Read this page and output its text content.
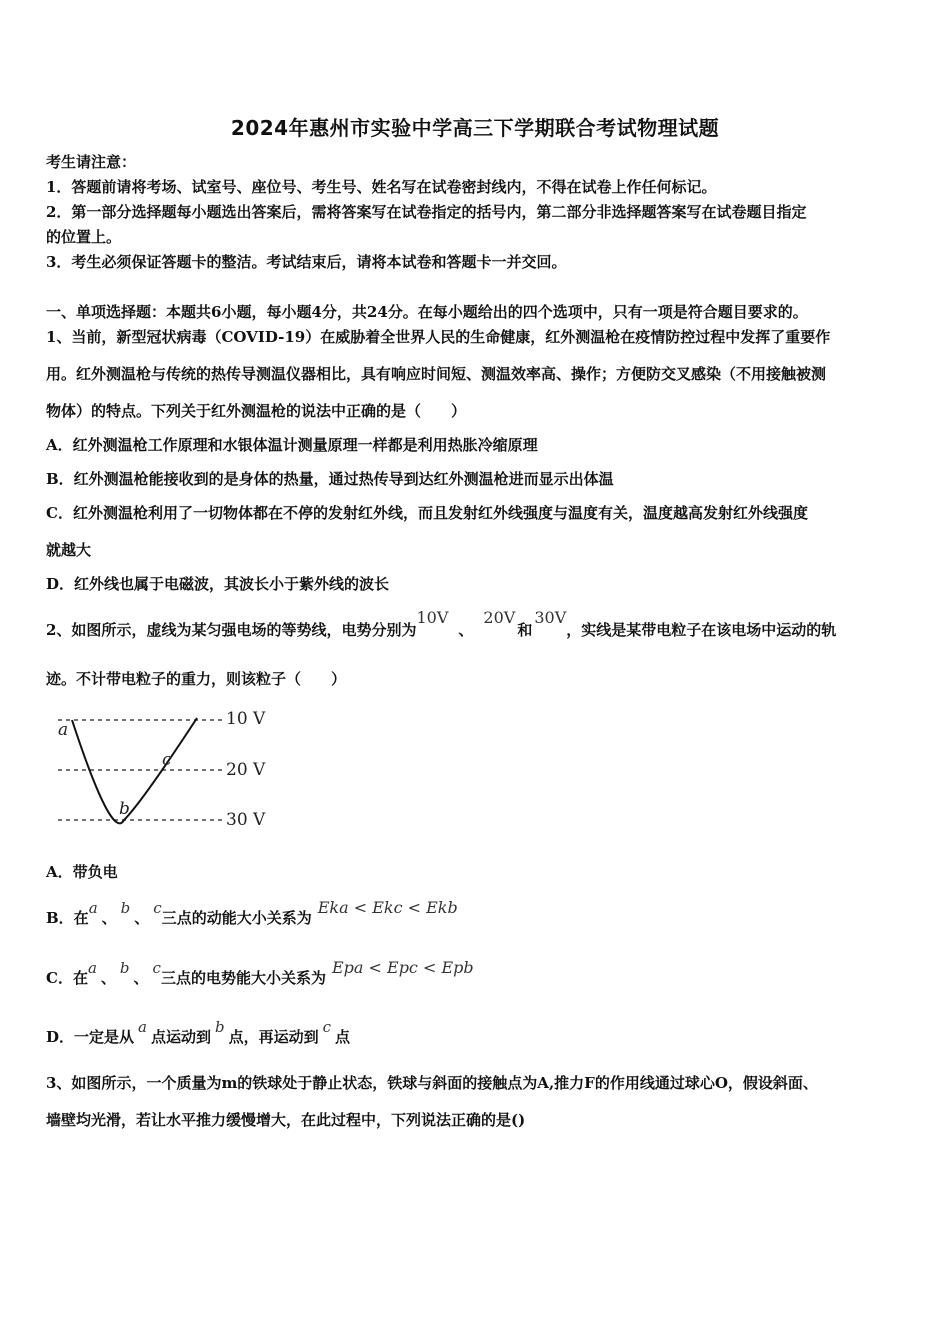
2024年惠州市实验中学高三下学期联合考试物理试题
考生请注意：
1．答题前请将考场、试室号、座位号、考生号、姓名写在试卷密封线内，不得在试卷上作任何标记。
2．第一部分选择题每小题选出答案后，需将答案写在试卷指定的括号内，第二部分非选择题答案写在试卷题目指定
的位置上。
3．考生必须保证答题卡的整洁。考试结束后，请将本试卷和答题卡一并交回。
一、单项选择题：本题共6小题，每小题4分，共24分。在每小题给出的四个选项中，只有一项是符合题目要求的。
1、当前，新型冠状病毒（COVID-19）在威胁着全世界人民的生命健康，红外测温枪在疫情防控过程中发挥了重要作
用。红外测温枪与传统的热传导测温仪器相比，具有响应时间短、测温效率高、操作；方便防交叉感染（不用接触被测
物体）的特点。下列关于红外测温枪的说法中正确的是（　　）
A．红外测温枪工作原理和水银体温计测量原理一样都是利用热胀冷缩原理
B．红外测温枪能接收到的是身体的热量，通过热传导到达红外测温枪进而显示出体温
C．红外测温枪利用了一切物体都在不停的发射红外线，而且发射红外线强度与温度有关，温度越高发射红外线强度
就越大
D．红外线也属于电磁波，其波长小于紫外线的波长
2、如图所示，虚线为某匀强电场的等势线，电势分别为10V、20V和30V，实线是某带电粒子在该电场中运动的轨
迹。不计带电粒子的重力，则该粒子（　　）
a
c
b
10 V
20 V
30 V
A．带负电
B．在a、b、c三点的动能大小关系为Eka < Ekc < Ekb
C．在a、b、c三点的电势能大小关系为Epa < Epc < Epb
D．一定是从a点运动到b点，再运动到c点
3、如图所示，一个质量为m的铁球处于静止状态，铁球与斜面的接触点为A,推力F的作用线通过球心O，假设斜面、
墙壁均光滑，若让水平推力缓慢增大，在此过程中，下列说法正确的是()
